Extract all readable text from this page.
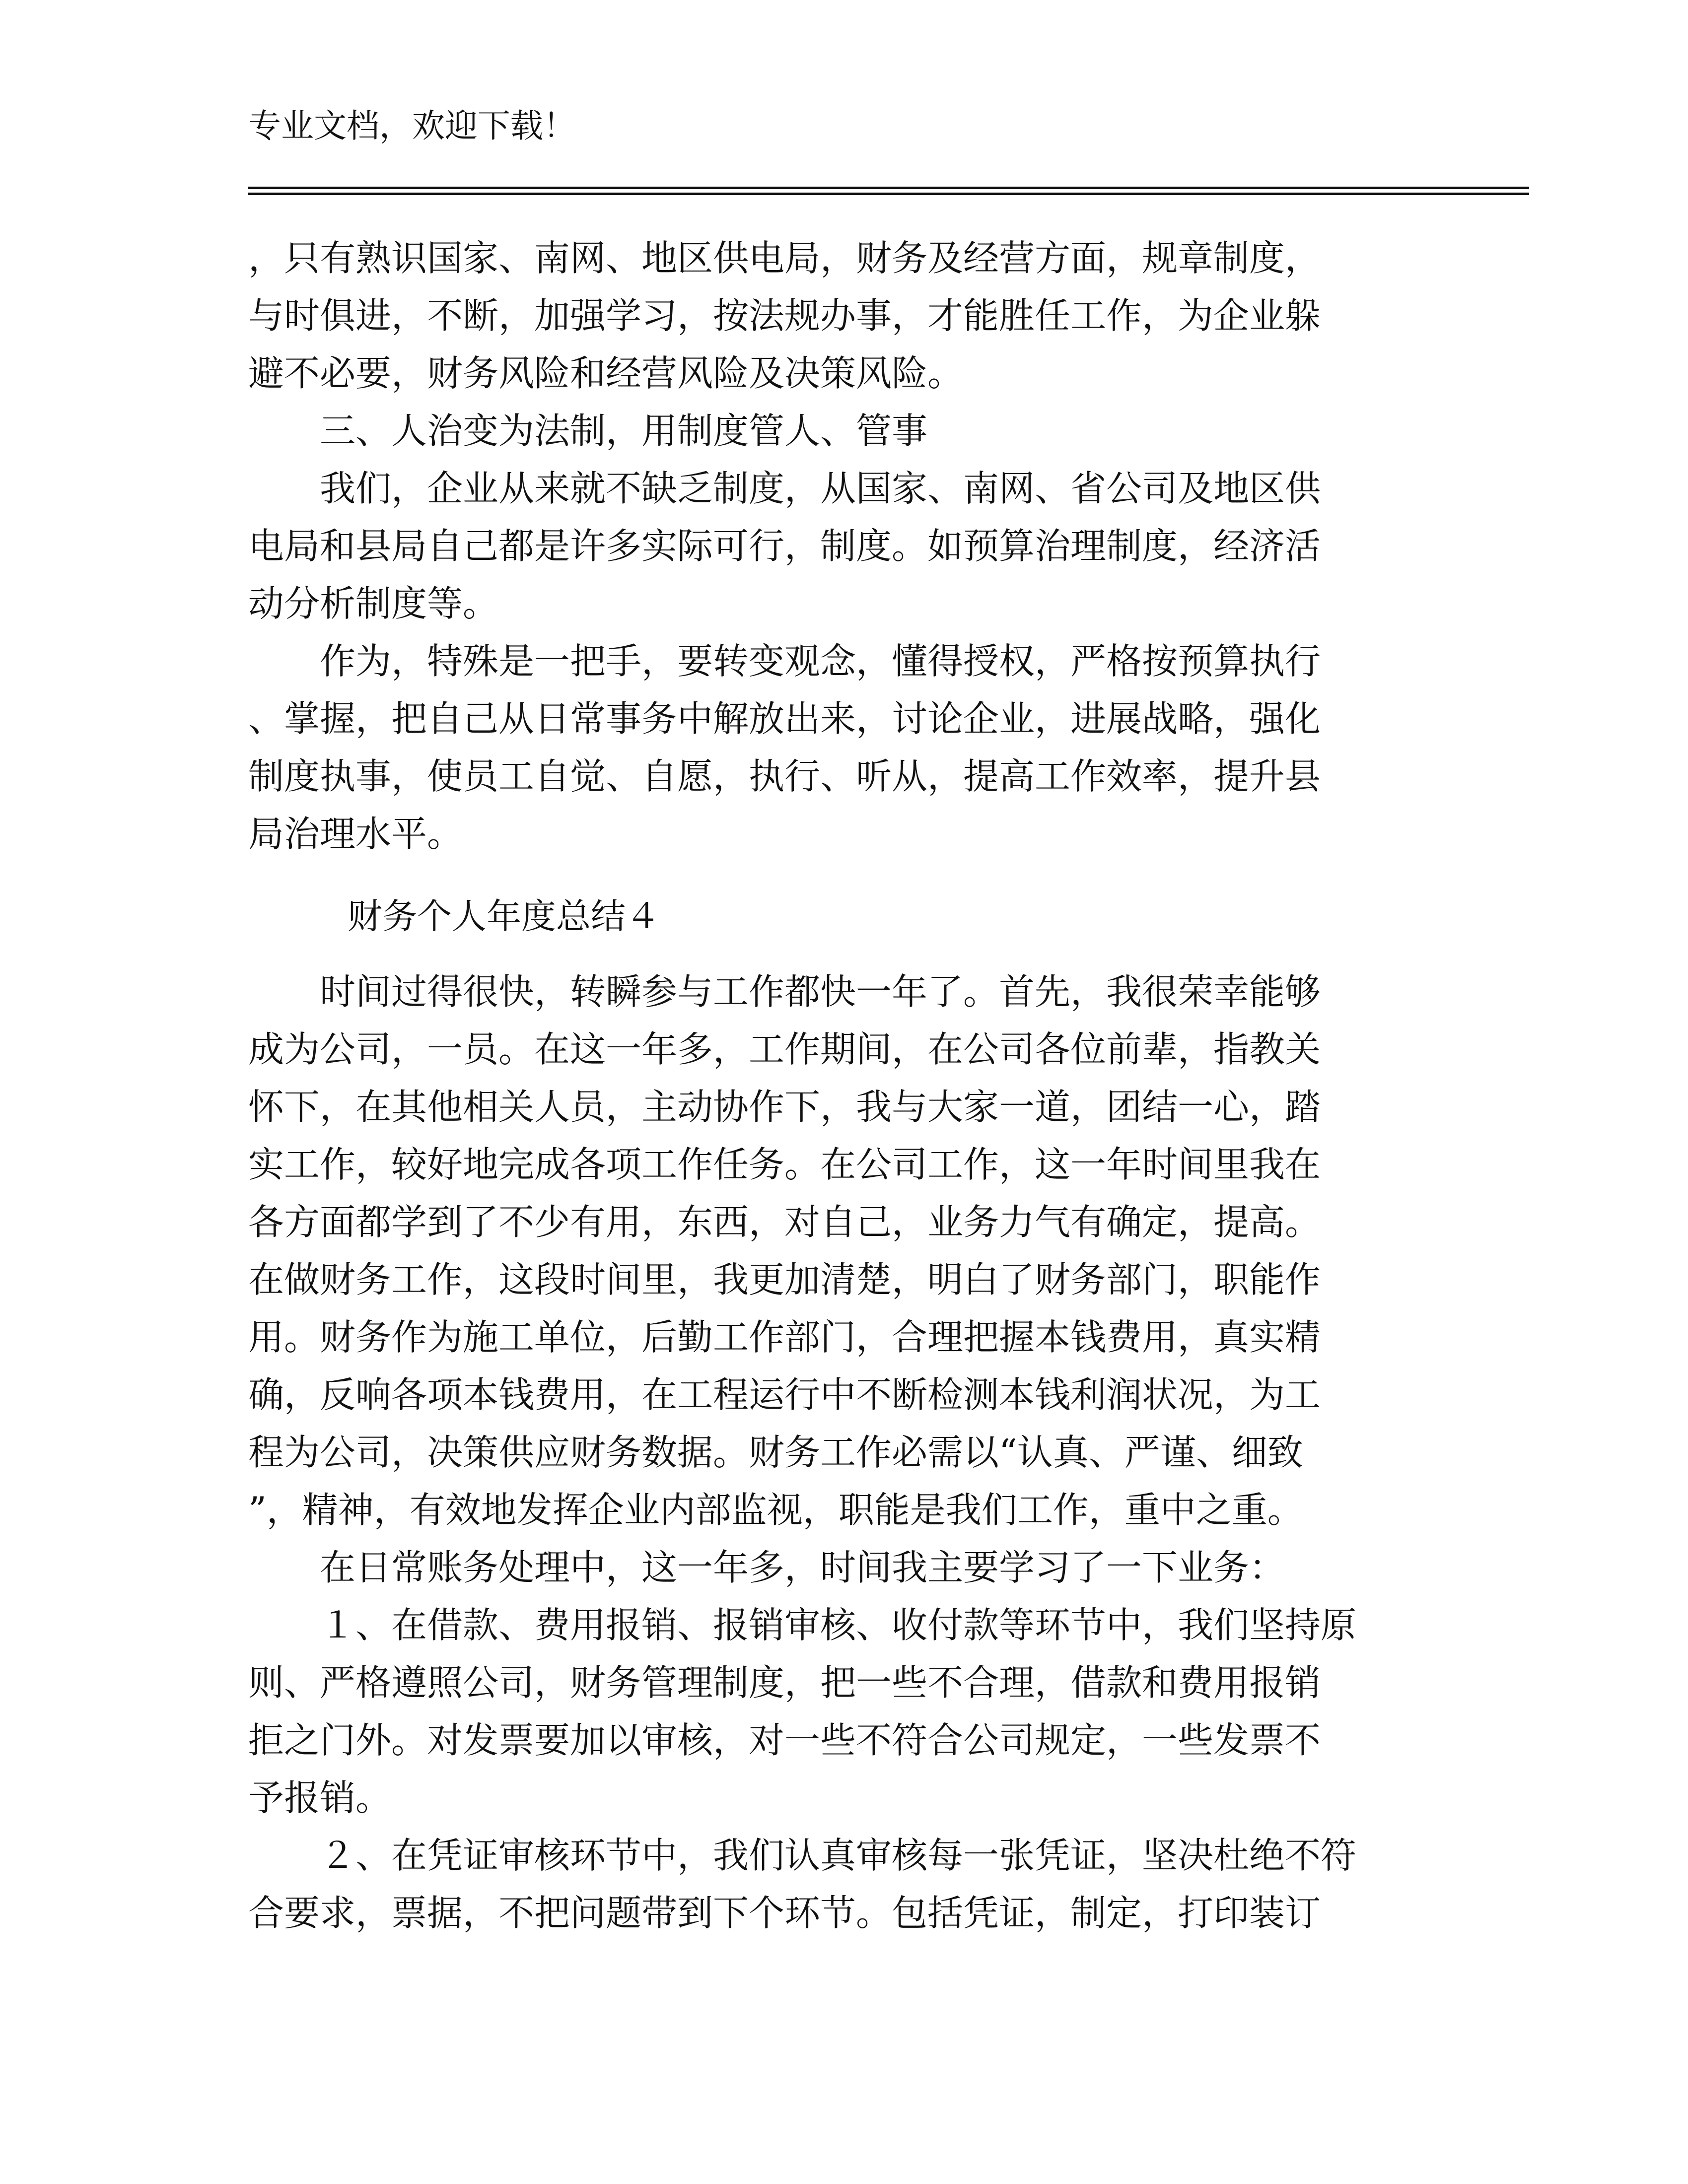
专业文档，欢迎下载！
，只有熟识国家、南网、地区供电局，财务及经营方面，规章制度，
与时俱进，不断，加强学习，按法规办事，才能胜任工作，为企业躲
避不必要，财务风险和经营风险及决策风险。
　　三、人治变为法制，用制度管人、管事
　　我们，企业从来就不缺乏制度，从国家、南网、省公司及地区供
电局和县局自己都是许多实际可行，制度。如预算治理制度，经济活
动分析制度等。
　　作为，特殊是一把手，要转变观念，懂得授权，严格按预算执行
、掌握，把自己从日常事务中解放出来，讨论企业，进展战略，强化
制度执事，使员工自觉、自愿，执行、听从，提高工作效率，提升县
局治理水平。
财务个人年度总结４
　　时间过得很快，转瞬参与工作都快一年了。首先，我很荣幸能够
成为公司，一员。在这一年多，工作期间，在公司各位前辈，指教关
怀下，在其他相关人员，主动协作下，我与大家一道，团结一心，踏
实工作，较好地完成各项工作任务。在公司工作，这一年时间里我在
各方面都学到了不少有用，东西，对自己，业务力气有确定，提高。
在做财务工作，这段时间里，我更加清楚，明白了财务部门，职能作
用。财务作为施工单位，后勤工作部门，合理把握本钱费用，真实精
确，反响各项本钱费用，在工程运行中不断检测本钱利润状况，为工
程为公司，决策供应财务数据。财务工作必需以“认真、严谨、细致
”，精神，有效地发挥企业内部监视，职能是我们工作，重中之重。
　　在日常账务处理中，这一年多，时间我主要学习了一下业务：
　　１、在借款、费用报销、报销审核、收付款等环节中，我们坚持原
则、严格遵照公司，财务管理制度，把一些不合理，借款和费用报销
拒之门外。对发票要加以审核，对一些不符合公司规定，一些发票不
予报销。
　　２、在凭证审核环节中，我们认真审核每一张凭证，坚决杜绝不符
合要求，票据，不把问题带到下个环节。包括凭证，制定，打印装订
